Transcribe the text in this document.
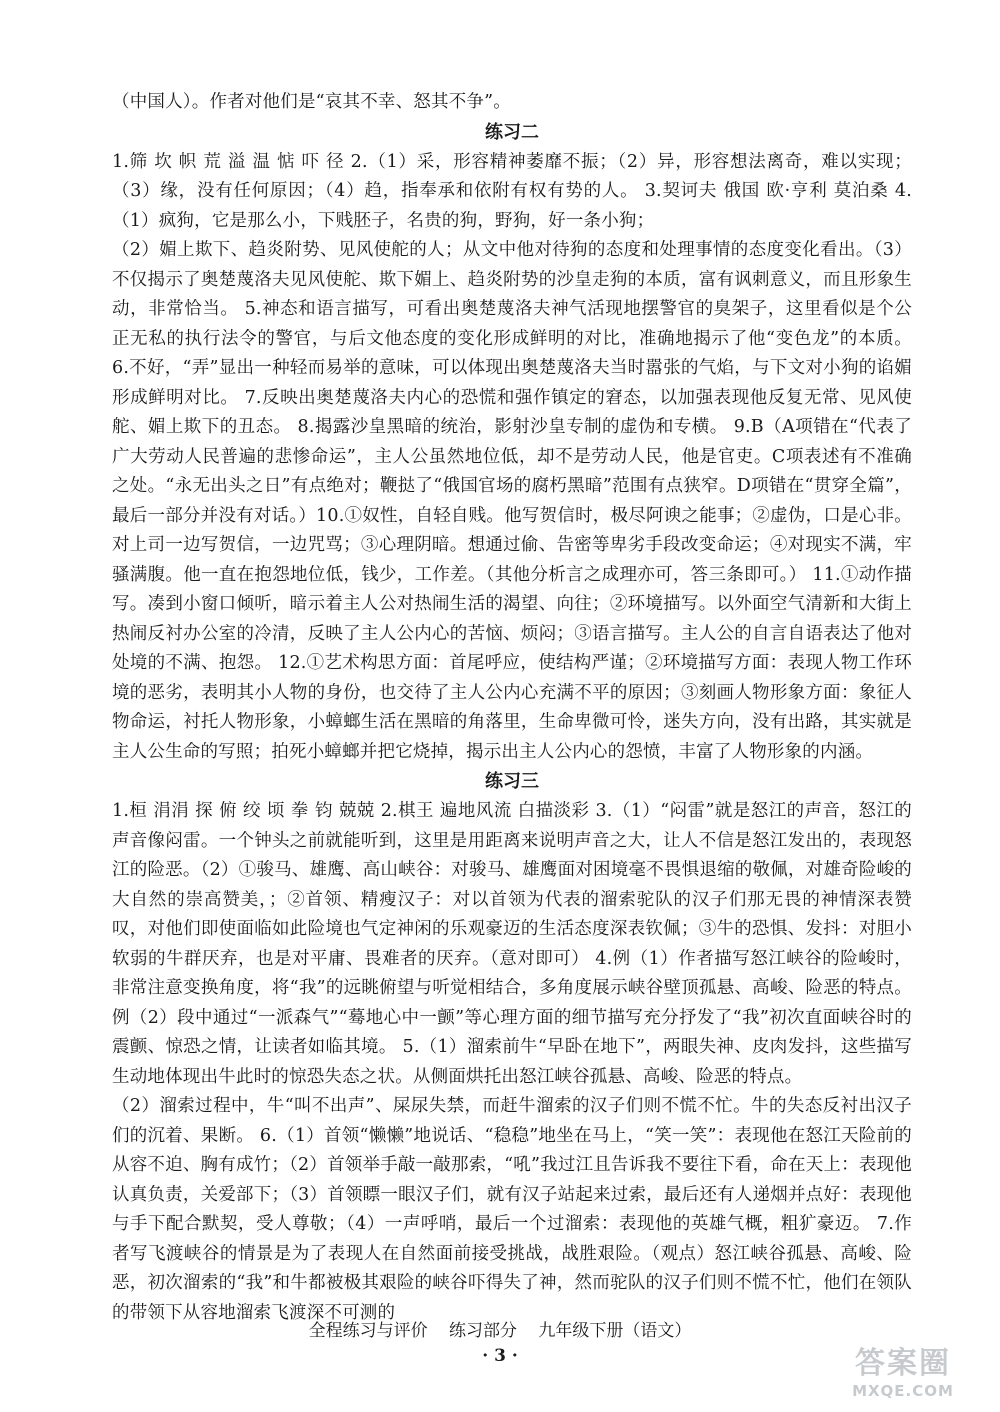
（中国人）。作者对他们是“哀其不幸、怒其不争”。

练习二

1.筛 坎 帜 荒 溢 温 惦 吓 径 2.（1）采，形容精神萎靡不振；（2）异，形容想法离奇，难以实现；（3）缘，没有任何原因；（4）趋，指奉承和依附有权有势的人。 3.契诃夫 俄国 欧·亨利 莫泊桑 4.（1）疯狗，它是那么小，下贱胚子，名贵的狗，野狗，好一条小狗；

（2）媚上欺下、趋炎附势、见风使舵的人；从文中他对待狗的态度和处理事情的态度变化看出。（3）不仅揭示了奥楚蔑洛夫见风使舵、欺下媚上、趋炎附势的沙皇走狗的本质，富有讽刺意义，而且形象生动，非常恰当。 5.神态和语言描写，可看出奥楚蔑洛夫神气活现地摆警官的臭架子，这里看似是个公正无私的执行法令的警官，与后文他态度的变化形成鲜明的对比，准确地揭示了他“变色龙”的本质。 6.不好，“弄”显出一种轻而易举的意味，可以体现出奥楚蔑洛夫当时嚣张的气焰，与下文对小狗的谄媚形成鲜明对比。 7.反映出奥楚蔑洛夫内心的恐慌和强作镇定的窘态，以加强表现他反复无常、见风使舵、媚上欺下的丑态。 8.揭露沙皇黑暗的统治，影射沙皇专制的虚伪和专横。 9.B（A项错在“代表了广大劳动人民普遍的悲惨命运”，主人公虽然地位低，却不是劳动人民，他是官吏。C项表述有不准确之处。“永无出头之日”有点绝对；鞭挞了“俄国官场的腐朽黑暗”范围有点狭窄。D项错在“贯穿全篇”，最后一部分并没有对话。）10.①奴性，自轻自贱。他写贺信时，极尽阿谀之能事；②虚伪，口是心非。对上司一边写贺信，一边咒骂；③心理阴暗。想通过偷、告密等卑劣手段改变命运；④对现实不满，牢骚满腹。他一直在抱怨地位低，钱少，工作差。（其他分析言之成理亦可，答三条即可。） 11.①动作描写。凑到小窗口倾听，暗示着主人公对热闹生活的渴望、向往；②环境描写。以外面空气清新和大街上热闹反衬办公室的冷清，反映了主人公内心的苦恼、烦闷；③语言描写。主人公的自言自语表达了他对处境的不满、抱怨。 12.①艺术构思方面：首尾呼应，使结构严谨；②环境描写方面：表现人物工作环境的恶劣，表明其小人物的身份，也交待了主人公内心充满不平的原因；③刻画人物形象方面：象征人物命运，衬托人物形象，小蟑螂生活在黑暗的角落里，生命卑微可怜，迷失方向，没有出路，其实就是主人公生命的写照；拍死小蟑螂并把它烧掉，揭示出主人公内心的怨愤，丰富了人物形象的内涵。

练习三

1.桓 涓涓 探 俯 绞 顷 拳 钧 兢兢 2.棋王 遍地风流 白描淡彩 3.（1）“闷雷”就是怒江的声音，怒江的声音像闷雷。一个钟头之前就能听到，这里是用距离来说明声音之大，让人不信是怒江发出的，表现怒江的险恶。（2）①骏马、雄鹰、高山峡谷：对骏马、雄鹰面对困境毫不畏惧退缩的敬佩，对雄奇险峻的大自然的崇高赞美，；②首领、精瘦汉子：对以首领为代表的溜索驼队的汉子们那无畏的神情深表赞叹，对他们即使面临如此险境也气定神闲的乐观豪迈的生活态度深表钦佩；③牛的恐惧、发抖：对胆小软弱的牛群厌弃，也是对平庸、畏难者的厌弃。（意对即可） 4.例（1）作者描写怒江峡谷的险峻时，非常注意变换角度，将“我”的远眺俯望与听觉相结合，多角度展示峡谷壁顶孤悬、高峻、险恶的特点。例（2）段中通过“一派森气”“蓦地心中一颤”等心理方面的细节描写充分抒发了“我”初次直面峡谷时的震颤、惊恐之情，让读者如临其境。 5.（1）溜索前牛“早卧在地下”，两眼失神、皮肉发抖，这些描写生动地体现出牛此时的惊恐失态之状。从侧面烘托出怒江峡谷孤悬、高峻、险恶的特点。

（2）溜索过程中，牛“叫不出声”、屎尿失禁，而赶牛溜索的汉子们则不慌不忙。牛的失态反衬出汉子们的沉着、果断。 6.（1）首领“懒懒”地说话、“稳稳”地坐在马上，“笑一笑”：表现他在怒江天险前的从容不迫、胸有成竹；（2）首领举手敲一敲那索，“吼”我过江且告诉我不要往下看，命在天上：表现他认真负责，关爱部下；（3）首领瞟一眼汉子们，就有汉子站起来过索，最后还有人递烟并点好：表现他与手下配合默契，受人尊敬；（4）一声呼哨，最后一个过溜索：表现他的英雄气概，粗犷豪迈。 7.作者写飞渡峡谷的情景是为了表现人在自然面前接受挑战，战胜艰险。（观点）怒江峡谷孤悬、高峻、险恶，初次溜索的“我”和牛都被极其艰险的峡谷吓得失了神，然而驼队的汉子们则不慌不忙，他们在领队的带领下从容地溜索飞渡深不可测的

全程练习与评价 练习部分 九年级下册（语文）
· 3 ·	答案圈
MXQE.COM
